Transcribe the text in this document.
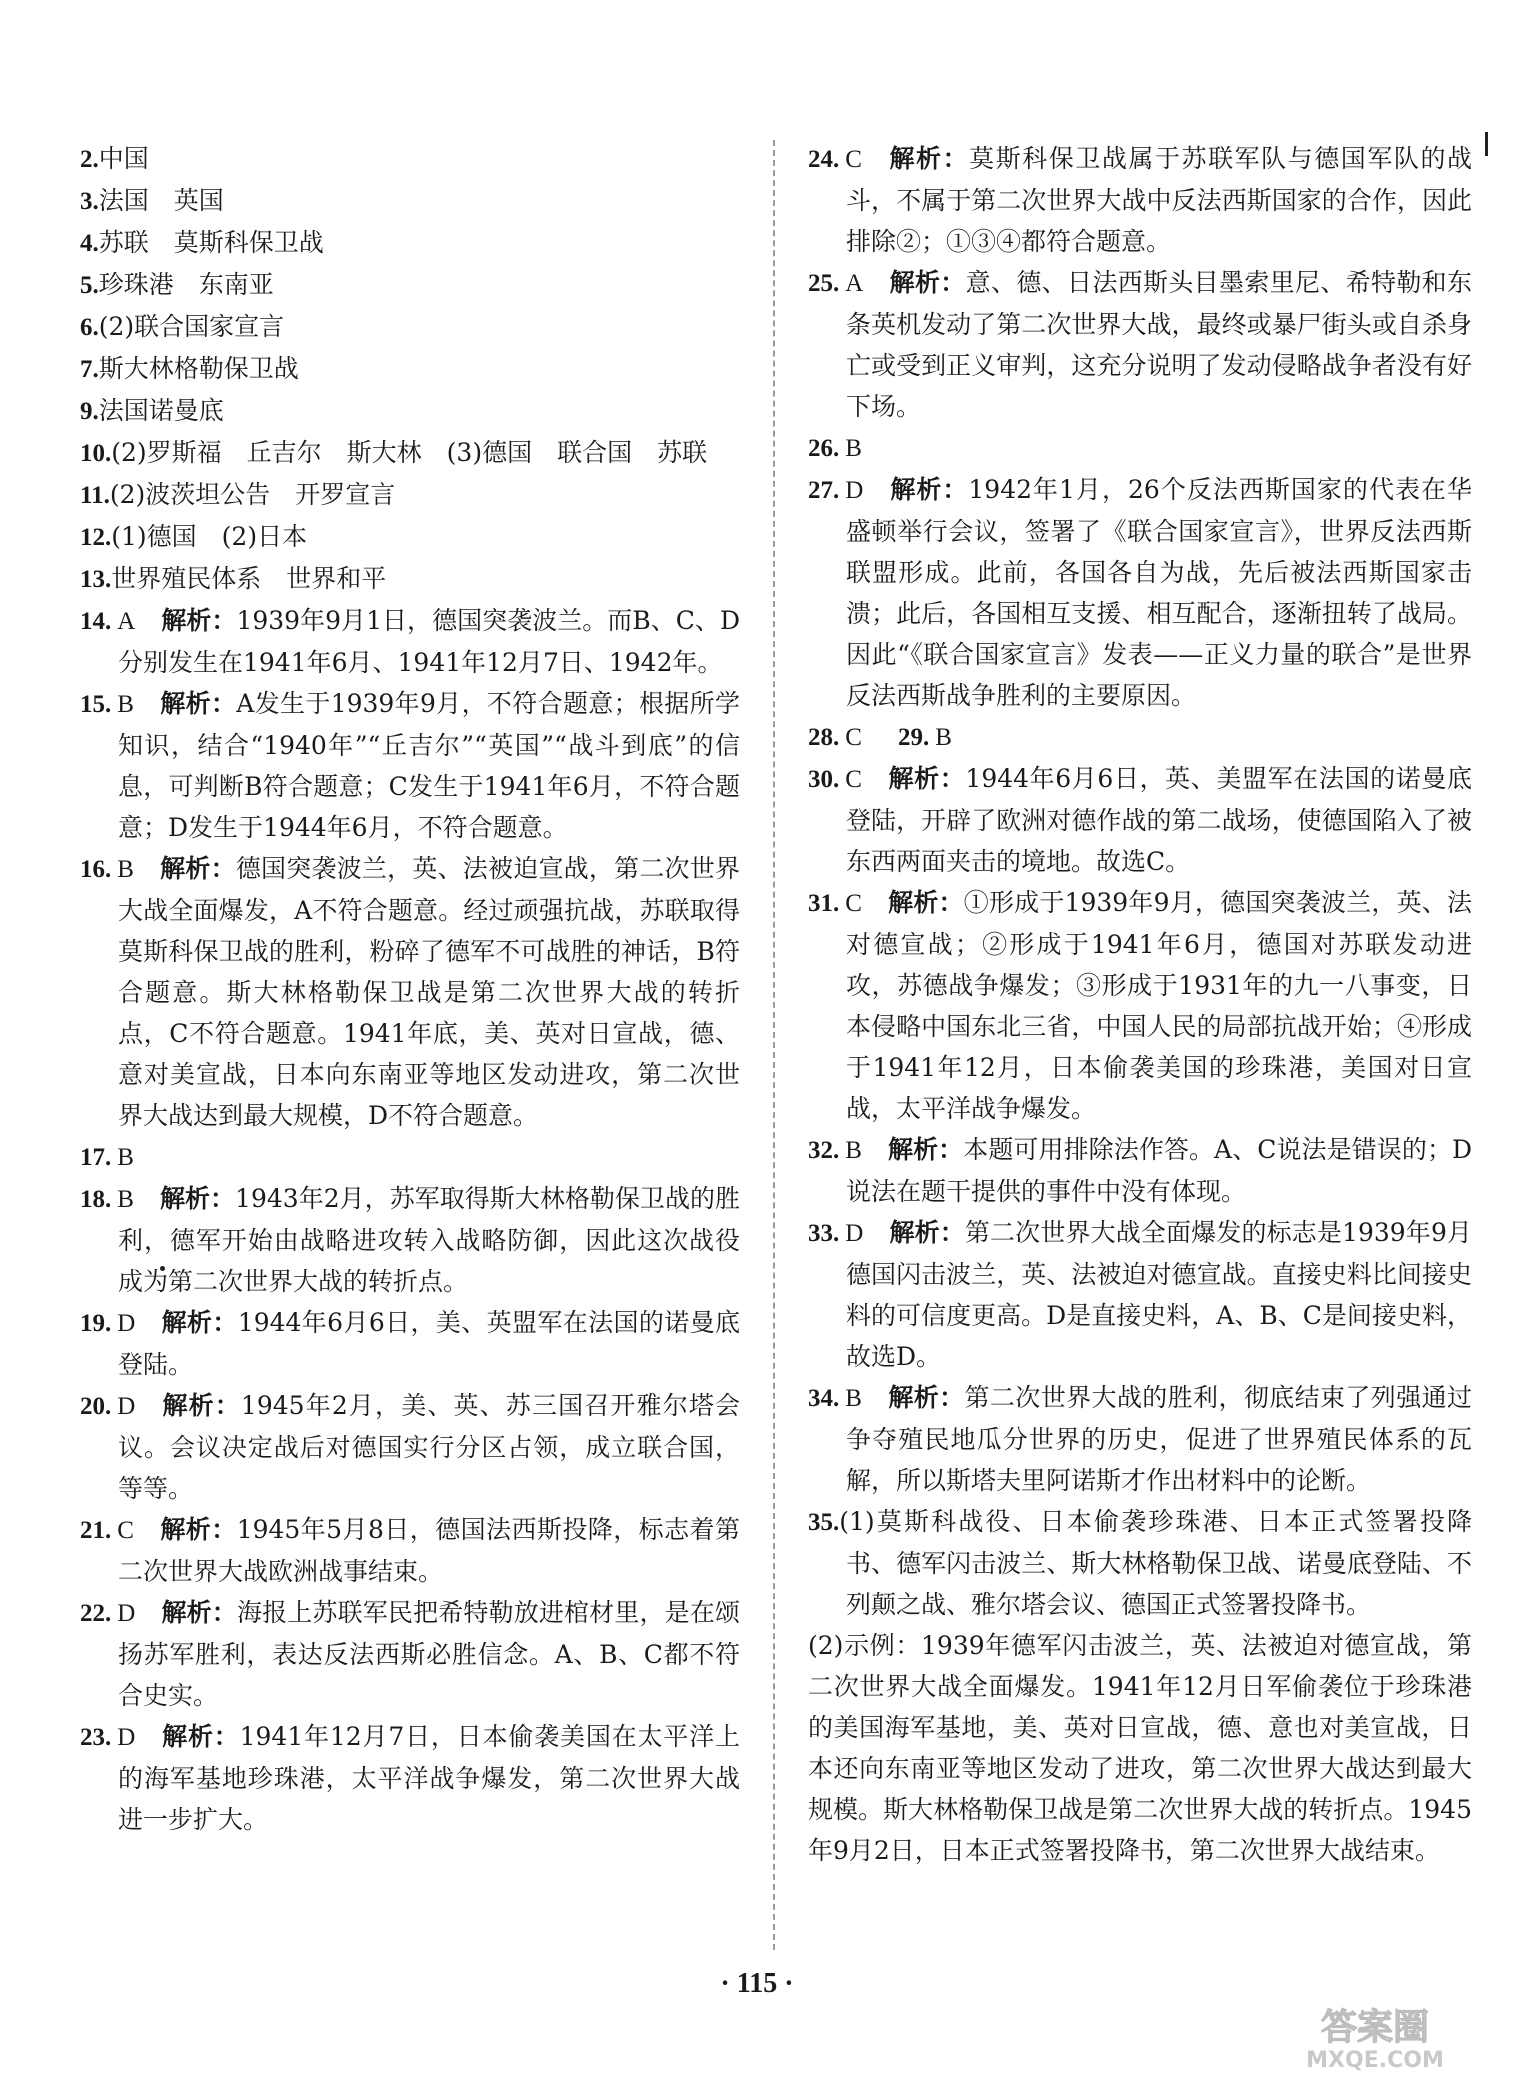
2.中国
3.法国　英国
4.苏联　莫斯科保卫战
5.珍珠港　东南亚
6.(2)联合国家宣言
7.斯大林格勒保卫战
9.法国诺曼底
10.(2)罗斯福　丘吉尔　斯大林　(3)德国　联合国　苏联
11.(2)波茨坦公告　开罗宣言
12.(1)德国　(2)日本
13.世界殖民体系　世界和平
14. A 解析：1939年9月1日，德国突袭波兰。而B、C、D分别发生在1941年6月、1941年12月7日、1942年。
15. B 解析：A发生于1939年9月，不符合题意；根据所学知识，结合“1940年”“丘吉尔”“英国”“战斗到底”的信息，可判断B符合题意；C发生于1941年6月，不符合题意；D发生于1944年6月，不符合题意。
16. B 解析：德国突袭波兰，英、法被迫宣战，第二次世界大战全面爆发，A不符合题意。经过顽强抗战，苏联取得莫斯科保卫战的胜利，粉碎了德军不可战胜的神话，B符合题意。斯大林格勒保卫战是第二次世界大战的转折点，C不符合题意。1941年底，美、英对日宣战，德、意对美宣战，日本向东南亚等地区发动进攻，第二次世界大战达到最大规模，D不符合题意。
17. B
18. B 解析：1943年2月，苏军取得斯大林格勒保卫战的胜利，德军开始由战略进攻转入战略防御，因此这次战役成为第二次世界大战的转折点。
19. D 解析：1944年6月6日，美、英盟军在法国的诺曼底登陆。
20. D 解析：1945年2月，美、英、苏三国召开雅尔塔会议。会议决定战后对德国实行分区占领，成立联合国，等等。
21. C 解析：1945年5月8日，德国法西斯投降，标志着第二次世界大战欧洲战事结束。
22. D 解析：海报上苏联军民把希特勒放进棺材里，是在颂扬苏军胜利，表达反法西斯必胜信念。A、B、C都不符合史实。
23. D 解析：1941年12月7日，日本偷袭美国在太平洋上的海军基地珍珠港，太平洋战争爆发，第二次世界大战进一步扩大。
24. C 解析：莫斯科保卫战属于苏联军队与德国军队的战斗，不属于第二次世界大战中反法西斯国家的合作，因此排除②；①③④都符合题意。
25. A 解析：意、德、日法西斯头目墨索里尼、希特勒和东条英机发动了第二次世界大战，最终或暴尸街头或自杀身亡或受到正义审判，这充分说明了发动侵略战争者没有好下场。
26. B
27. D 解析：1942年1月，26个反法西斯国家的代表在华盛顿举行会议，签署了《联合国家宣言》，世界反法西斯联盟形成。此前，各国各自为战，先后被法西斯国家击溃；此后，各国相互支援、相互配合，逐渐扭转了战局。因此“《联合国家宣言》发表——正义力量的联合”是世界反法西斯战争胜利的主要原因。
28. C 29. B
30. C 解析：1944年6月6日，英、美盟军在法国的诺曼底登陆，开辟了欧洲对德作战的第二战场，使德国陷入了被东西两面夹击的境地。故选C。
31. C 解析：①形成于1939年9月，德国突袭波兰，英、法对德宣战；②形成于1941年6月，德国对苏联发动进攻，苏德战争爆发；③形成于1931年的九一八事变，日本侵略中国东北三省，中国人民的局部抗战开始；④形成于1941年12月，日本偷袭美国的珍珠港，美国对日宣战，太平洋战争爆发。
32. B 解析：本题可用排除法作答。A、C说法是错误的；D说法在题干提供的事件中没有体现。
33. D 解析：第二次世界大战全面爆发的标志是1939年9月德国闪击波兰，英、法被迫对德宣战。直接史料比间接史料的可信度更高。D是直接史料，A、B、C是间接史料，故选D。
34. B 解析：第二次世界大战的胜利，彻底结束了列强通过争夺殖民地瓜分世界的历史，促进了世界殖民体系的瓦解，所以斯塔夫里阿诺斯才作出材料中的论断。
35.(1)莫斯科战役、日本偷袭珍珠港、日本正式签署投降书、德军闪击波兰、斯大林格勒保卫战、诺曼底登陆、不列颠之战、雅尔塔会议、德国正式签署投降书。
(2)示例：1939年德军闪击波兰，英、法被迫对德宣战，第二次世界大战全面爆发。1941年12月日军偷袭位于珍珠港的美国海军基地，美、英对日宣战，德、意也对美宣战，日本还向东南亚等地区发动了进攻，第二次世界大战达到最大规模。斯大林格勒保卫战是第二次世界大战的转折点。1945年9月2日，日本正式签署投降书，第二次世界大战结束。
· 115 ·
答案圈
MXQE.COM
